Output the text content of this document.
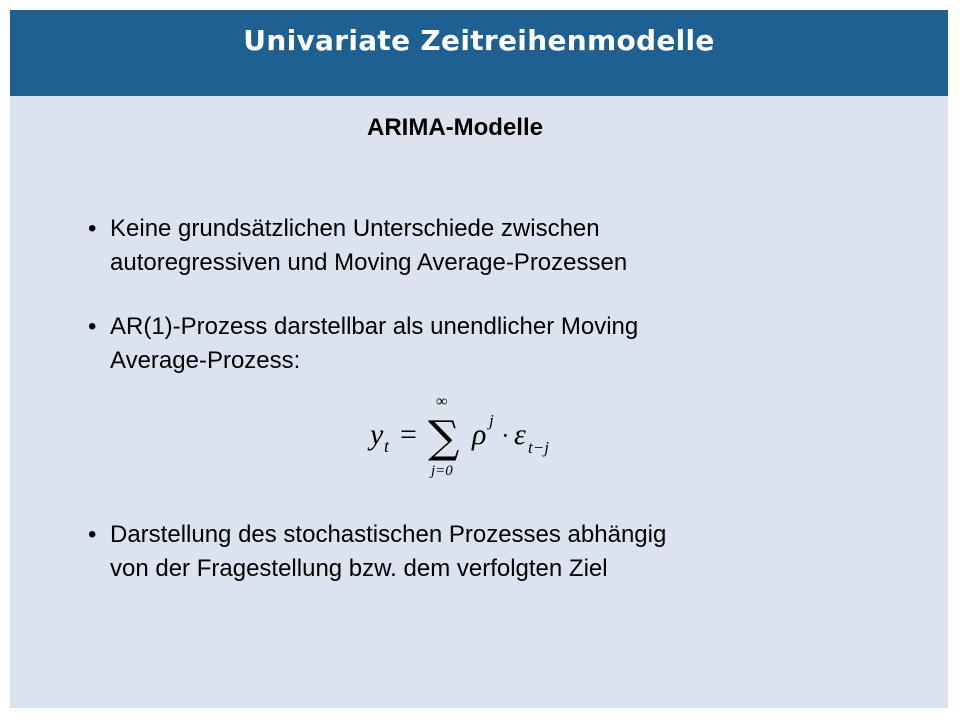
Univariate Zeitreihenmodelle
ARIMA-Modelle
• Keine grundsätzlichen Unterschiede zwischen
autoregressiven und Moving Average-Prozessen
• AR(1)-Prozess darstellbar als unendlicher Moving
Average-Prozess:
y t = ∑
∞
j=0
ρ j
· ε t−j
• Darstellung des stochastischen Prozesses abhängig
von der Fragestellung bzw. dem verfolgten Ziel
